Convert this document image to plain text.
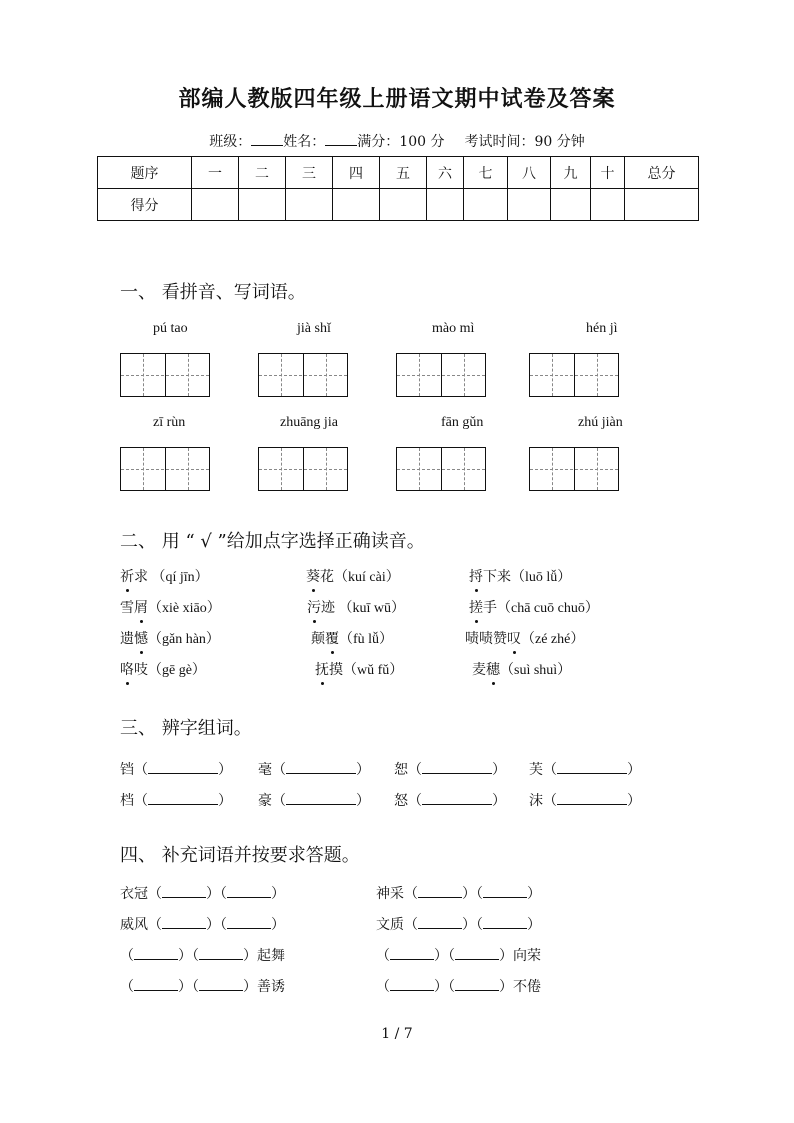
部编人教版四年级上册语文期中试卷及答案
班级： 姓名： 满分：100 分 考试时间：90 分钟
题序	一	二	三	四	五	六	七	八	九	十	总分
得分											
一、 看拼音、写词语。
pú tao	jià shǐ	mào mì	hén jì
zī rùn	zhuāng jia	fān gǔn	zhú jiàn
二、 用 “ √ ”给加点字选择正确读音。
祈求 （qí jīn）	葵花（kuí cài）	捋下来（luō lǚ）
雪屑（xiè xiāo）	污迹 （kuī wū）	搓手（chā cuō chuō）
遗憾（gǎn hàn）	颠覆（fù lǚ）	啧啧赞叹（zé zhé）
咯吱（gē gè）	抚摸（wǔ fǔ）	麦穗（suì shuì）
三、 辨字组词。
铛（	） 毫（	） 恕（	） 芙（	）
档（	） 豪（	） 怒（	） 沫（	）
四、 补充词语并按要求答题。
衣冠（	）（	）	神采（	）（	）
威风（	）（	）	文质（	）（	）
（	）（	）起舞	（	）（	）向荣
（	）（	）善诱	（	）（	）不倦
1 / 7
